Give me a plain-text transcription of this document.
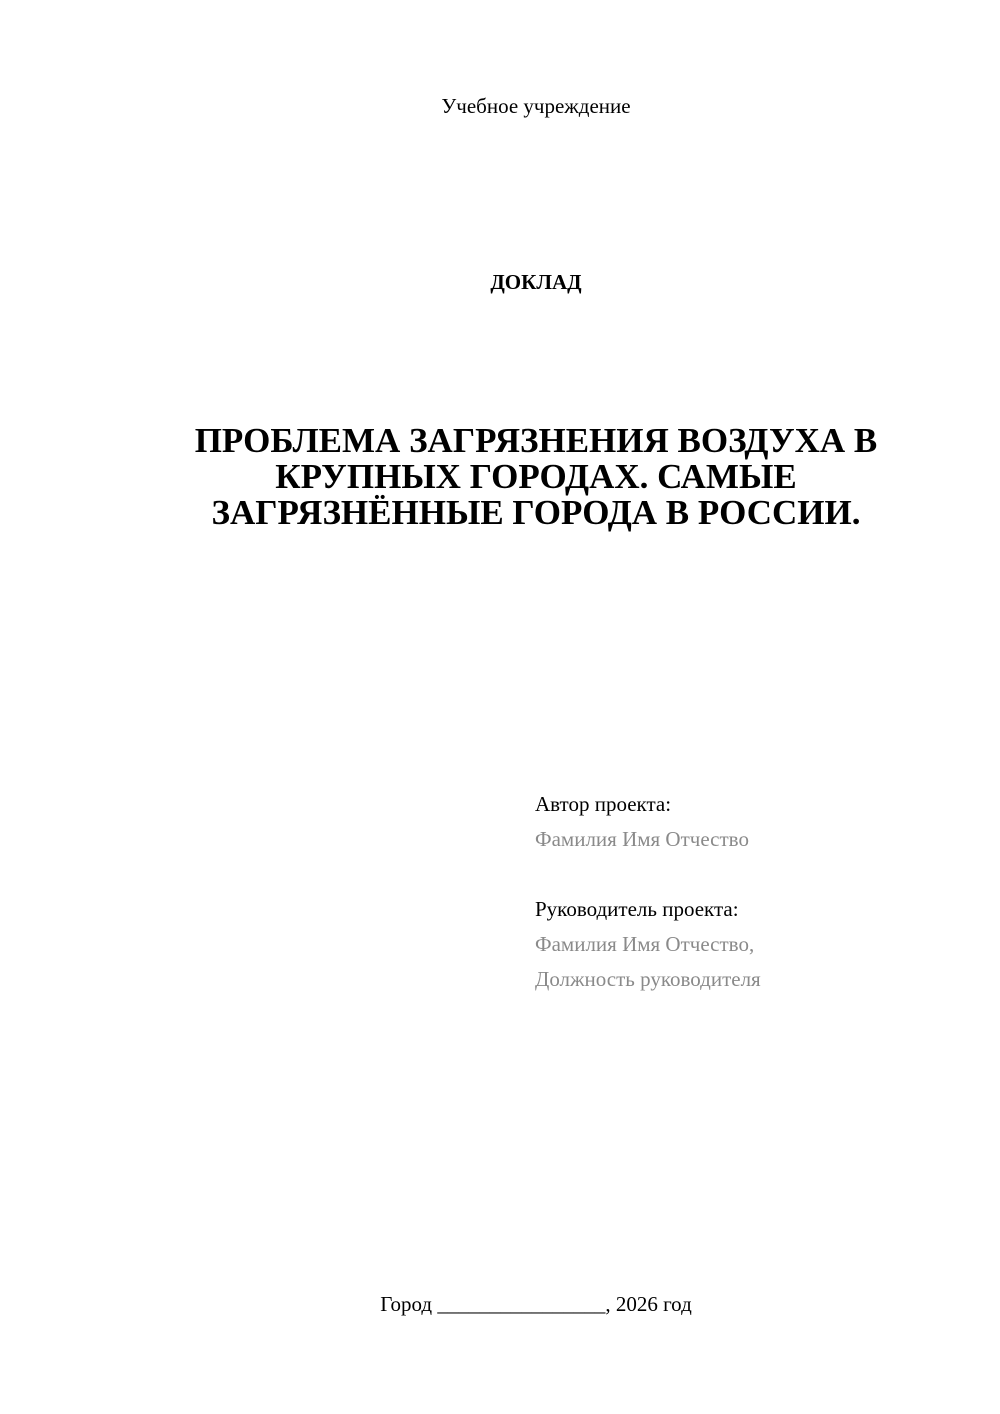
Учебное учреждение
ДОКЛАД
ПРОБЛЕМА ЗАГРЯЗНЕНИЯ ВОЗДУХА В
КРУПНЫХ ГОРОДАХ. САМЫЕ
ЗАГРЯЗНЁННЫЕ ГОРОДА В РОССИИ.
Автор проекта:
Фамилия Имя Отчество
Руководитель проекта:
Фамилия Имя Отчество,
Должность руководителя
Город ________________, 2026 год
